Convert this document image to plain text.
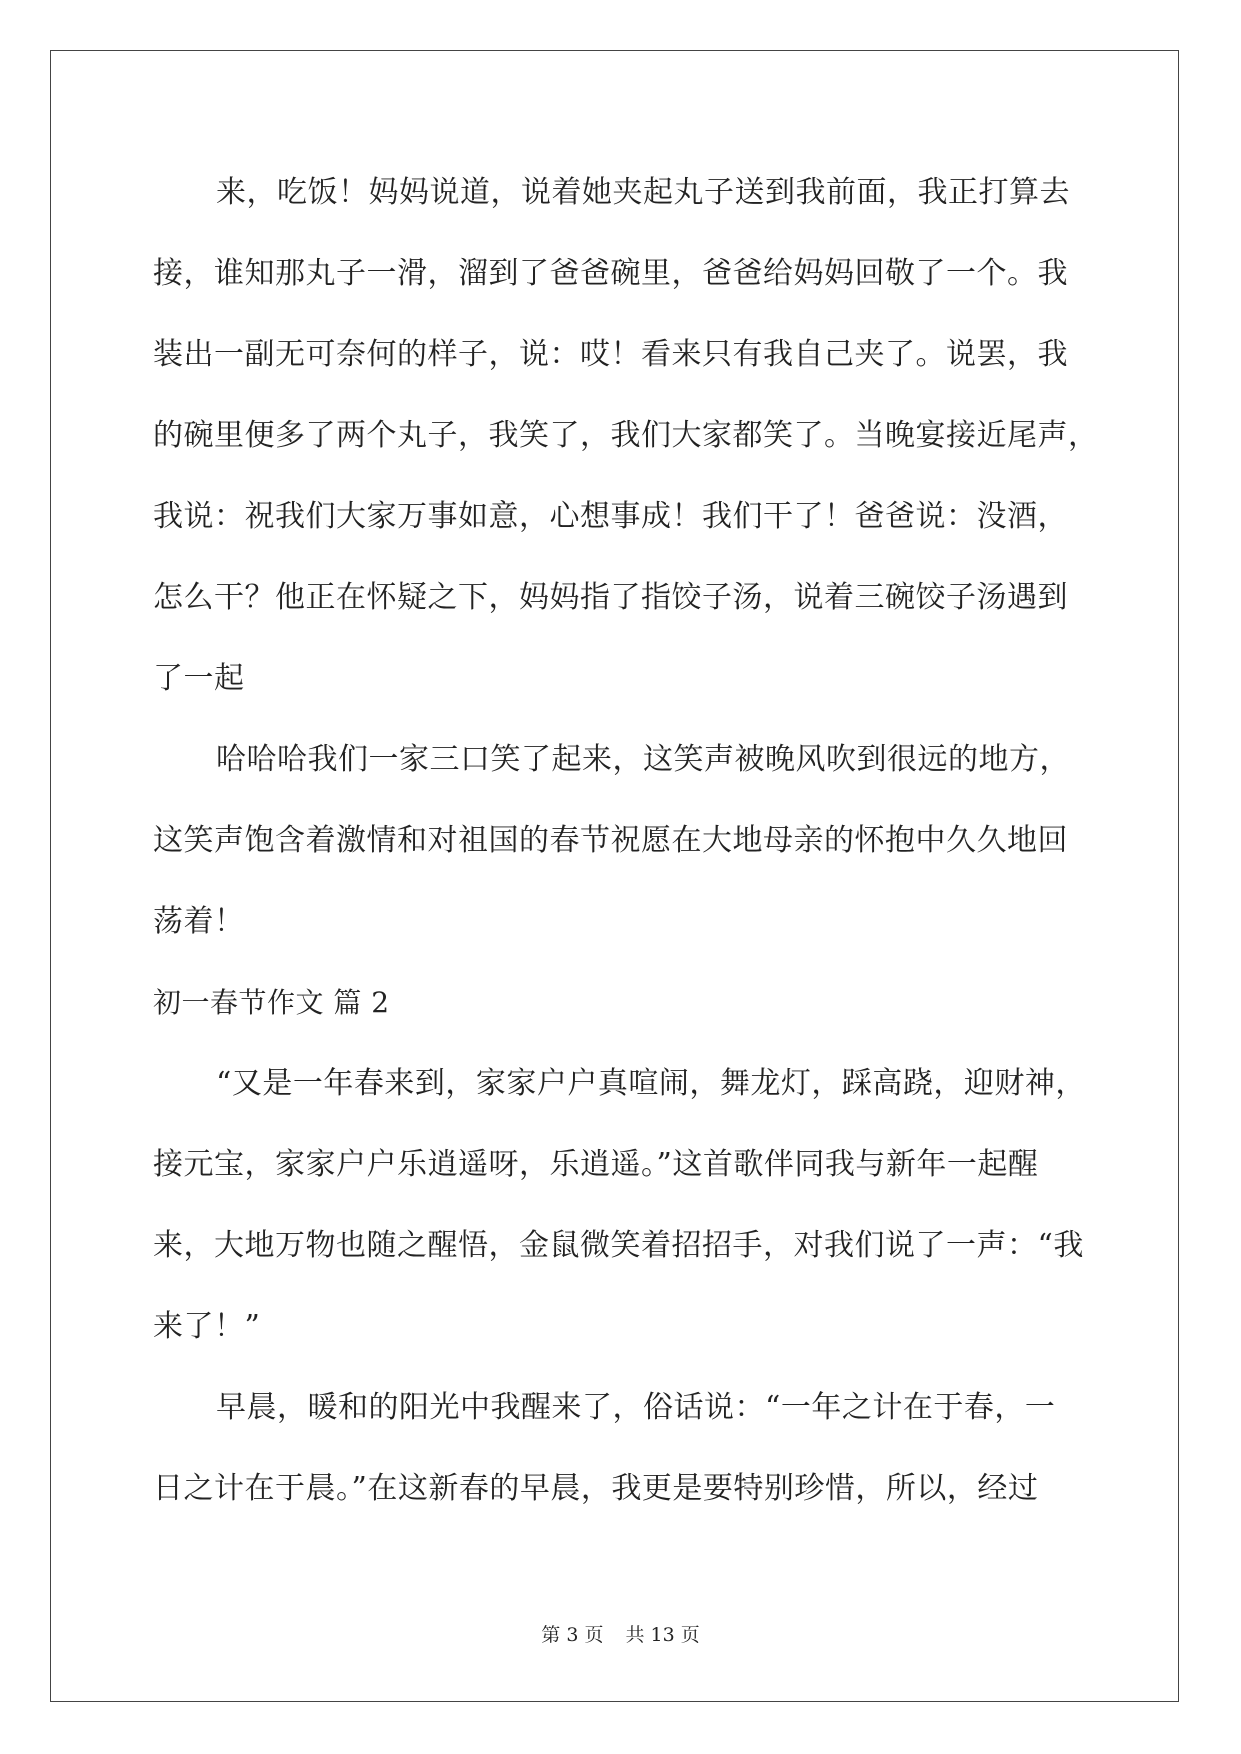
来，吃饭！妈妈说道，说着她夹起丸子送到我前面，我正打算去
接，谁知那丸子一滑，溜到了爸爸碗里，爸爸给妈妈回敬了一个。我
装出一副无可奈何的样子，说：哎！看来只有我自己夹了。说罢，我
的碗里便多了两个丸子，我笑了，我们大家都笑了。当晚宴接近尾声，
我说：祝我们大家万事如意，心想事成！我们干了！爸爸说：没酒，
怎么干？他正在怀疑之下，妈妈指了指饺子汤，说着三碗饺子汤遇到
了一起
哈哈哈我们一家三口笑了起来，这笑声被晚风吹到很远的地方，
这笑声饱含着激情和对祖国的春节祝愿在大地母亲的怀抱中久久地回
荡着！
初一春节作文 篇 2
“又是一年春来到，家家户户真喧闹，舞龙灯，踩高跷，迎财神，
接元宝，家家户户乐逍遥呀，乐逍遥。”这首歌伴同我与新年一起醒
来，大地万物也随之醒悟，金鼠微笑着招招手，对我们说了一声：“我
来了！”
早晨，暖和的阳光中我醒来了，俗话说：“一年之计在于春，一
日之计在于晨。”在这新春的早晨，我更是要特别珍惜，所以，经过
第 3 页 共 13 页
